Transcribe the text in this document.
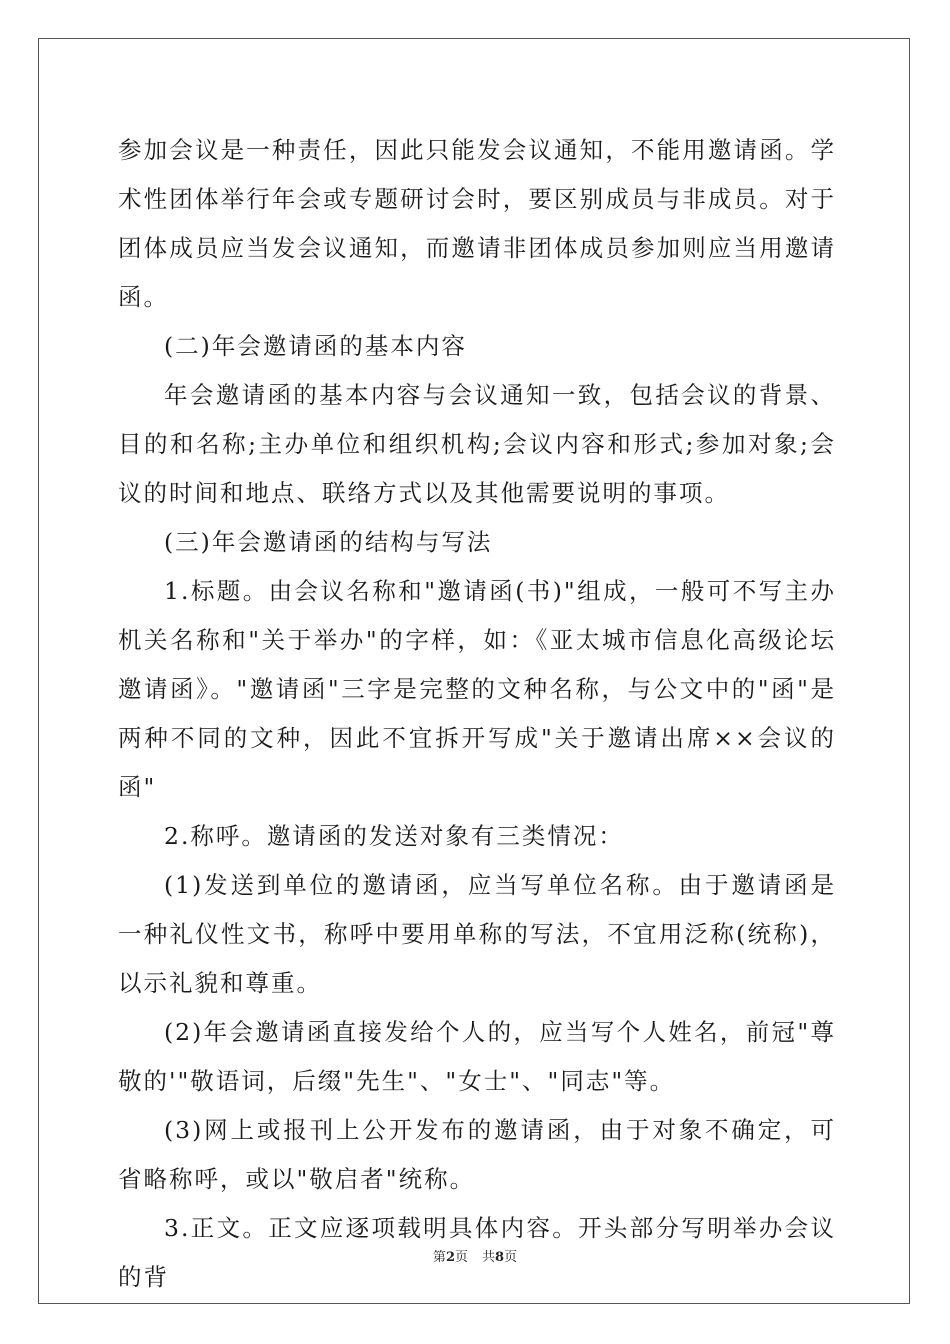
参加会议是一种责任，因此只能发会议通知，不能用邀请函。学术性团体举行年会或专题研讨会时，要区别成员与非成员。对于团体成员应当发会议通知，而邀请非团体成员参加则应当用邀请函。

(二)年会邀请函的基本内容

年会邀请函的基本内容与会议通知一致，包括会议的背景、目的和名称;主办单位和组织机构;会议内容和形式;参加对象;会议的时间和地点、联络方式以及其他需要说明的事项。

(三)年会邀请函的结构与写法

1.标题。由会议名称和"邀请函(书)"组成，一般可不写主办机关名称和"关于举办"的字样，如：《亚太城市信息化高级论坛邀请函》。"邀请函"三字是完整的文种名称，与公文中的"函"是两种不同的文种，因此不宜拆开写成"关于邀请出席××会议的函"

2.称呼。邀请函的发送对象有三类情况：

(1)发送到单位的邀请函，应当写单位名称。由于邀请函是一种礼仪性文书，称呼中要用单称的写法，不宜用泛称(统称)，以示礼貌和尊重。

(2)年会邀请函直接发给个人的，应当写个人姓名，前冠"尊敬的'"敬语词，后缀"先生"、"女士"、"同志"等。

(3)网上或报刊上公开发布的邀请函，由于对象不确定，可省略称呼，或以"敬启者"统称。

3.正文。正文应逐项载明具体内容。开头部分写明举办会议的背

第2页 共8页
